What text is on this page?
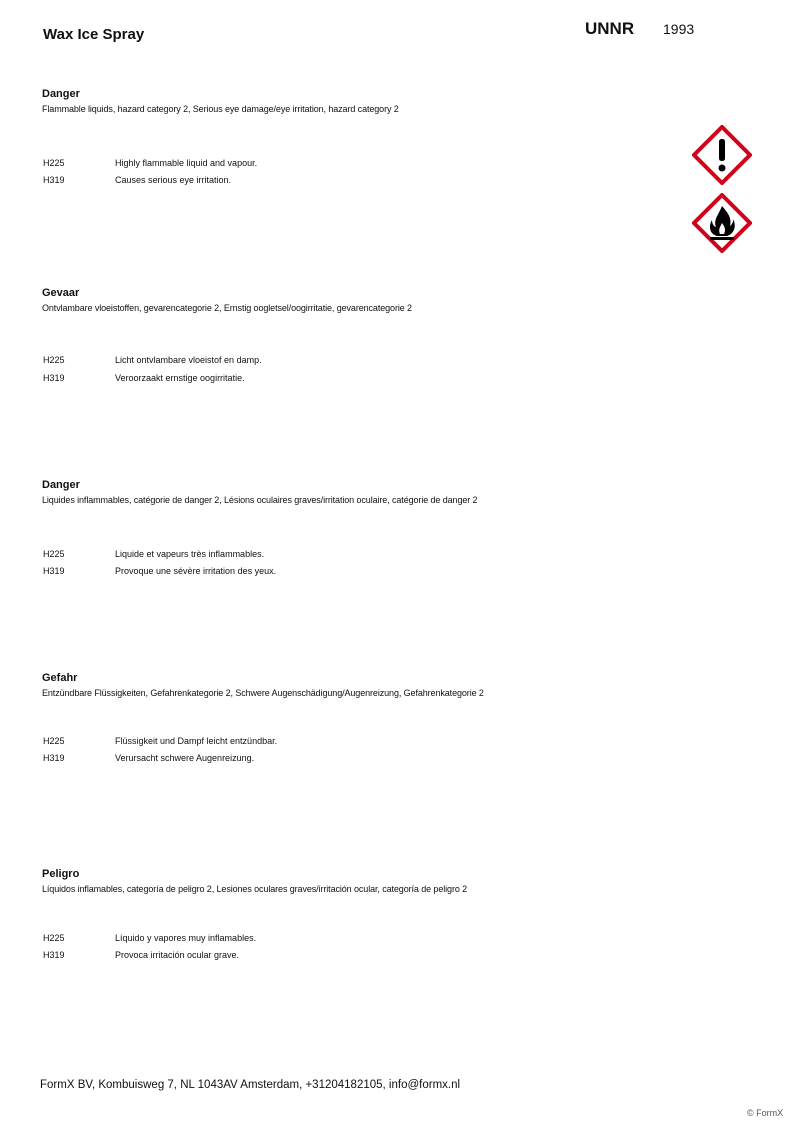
Wax Ice Spray	UNNR 1993

Danger

Flammable liquids, hazard category 2, Serious eye damage/eye irritation, hazard category 2
H225	Highly flammable liquid and vapour.
H319	Causes serious eye irritation.

Gevaar

Ontvlambare vloeistoffen, gevarencategorie 2, Ernstig oogletsel/oogirritatie, gevarencategorie 2
H225	Licht ontvlambare vloeistof en damp.
H319	Veroorzaakt ernstige oogirritatie.

Danger

Liquides inflammables, catégorie de danger 2, Lésions oculaires graves/irritation oculaire, catégorie de danger 2
H225	Liquide et vapeurs très inflammables.
H319	Provoque une sévère irritation des yeux.

Gefahr

Entzündbare Flüssigkeiten, Gefahrenkategorie 2, Schwere Augenschädigung/Augenreizung, Gefahrenkategorie 2
H225	Flüssigkeit und Dampf leicht entzündbar.
H319	Verursacht schwere Augenreizung.

Peligro

Líquidos inflamables, categoría de peligro 2, Lesiones oculares graves/irritación ocular, categoría de peligro 2
H225	Líquido y vapores muy inflamables.
H319	Provoca irritación ocular grave.
FormX BV, Kombuisweg 7, NL 1043AV Amsterdam, +31204182105, info@formx.nl
© FormX
